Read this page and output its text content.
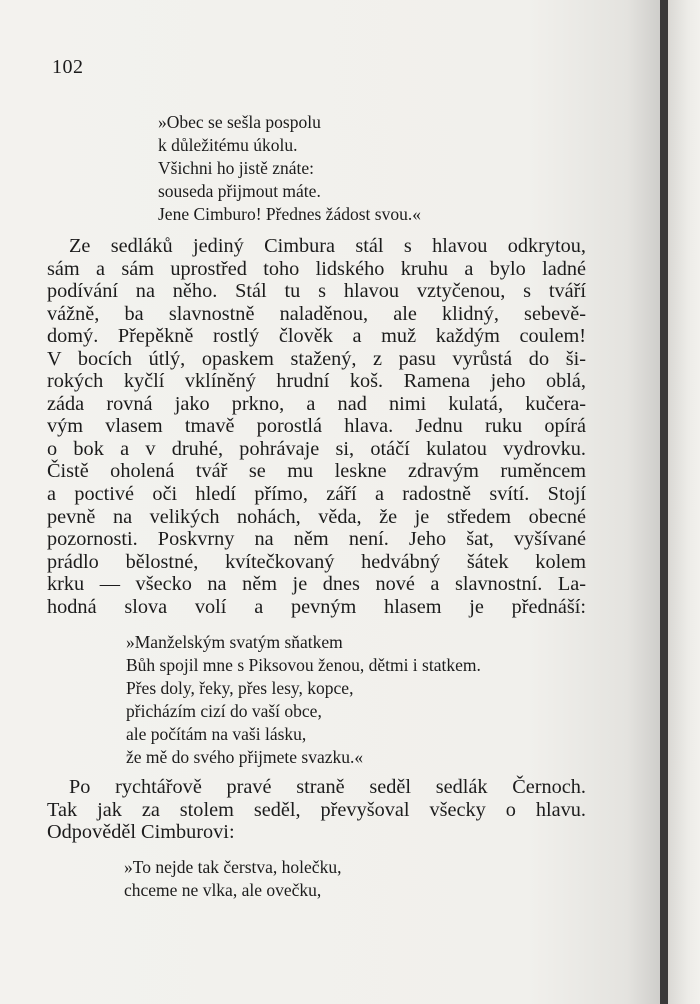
102
»Obec se sešla pospolu
k důležitému úkolu.
Všichni ho jistě znáte:
souseda přijmout máte.
Jene Cimburo! Přednes žádost svou.«

Ze sedláků jediný Cimbura stál s hlavou odkrytou,
sám a sám uprostřed toho lidského kruhu a bylo ladné
podívání na něho. Stál tu s hlavou vztyčenou, s tváří
vážně, ba slavnostně naladěnou, ale klidný, sebevě-
domý. Přepěkně rostlý člověk a muž každým coulem!
V bocích útlý, opaskem stažený, z pasu vyrůstá do ši-
rokých kyčlí vklíněný hrudní koš. Ramena jeho oblá,
záda rovná jako prkno, a nad nimi kulatá, kučera-
vým vlasem tmavě porostlá hlava. Jednu ruku opírá
o bok a v druhé, pohrávaje si, otáčí kulatou vydrovku.
Čistě oholená tvář se mu leskne zdravým ruměncem
a poctivé oči hledí přímo, září a radostně svítí. Stojí
pevně na velikých nohách, věda, že je středem obecné
pozornosti. Poskvrny na něm není. Jeho šat, vyšívané
prádlo bělostné, kvítečkovaný hedvábný šátek kolem
krku — všecko na něm je dnes nové a slavnostní. La-
hodná slova volí a pevným hlasem je přednáší:

»Manželským svatým sňatkem
Bůh spojil mne s Piksovou ženou, dětmi i statkem.
Přes doly, řeky, přes lesy, kopce,
přicházím cizí do vaší obce,
ale počítám na vaši lásku,
že mě do svého přijmete svazku.«

Po rychtářově pravé straně seděl sedlák Černoch.
Tak jak za stolem seděl, převyšoval všecky o hlavu.
Odpověděl Cimburovi:

»To nejde tak čerstva, holečku,
chceme ne vlka, ale ovečku,
